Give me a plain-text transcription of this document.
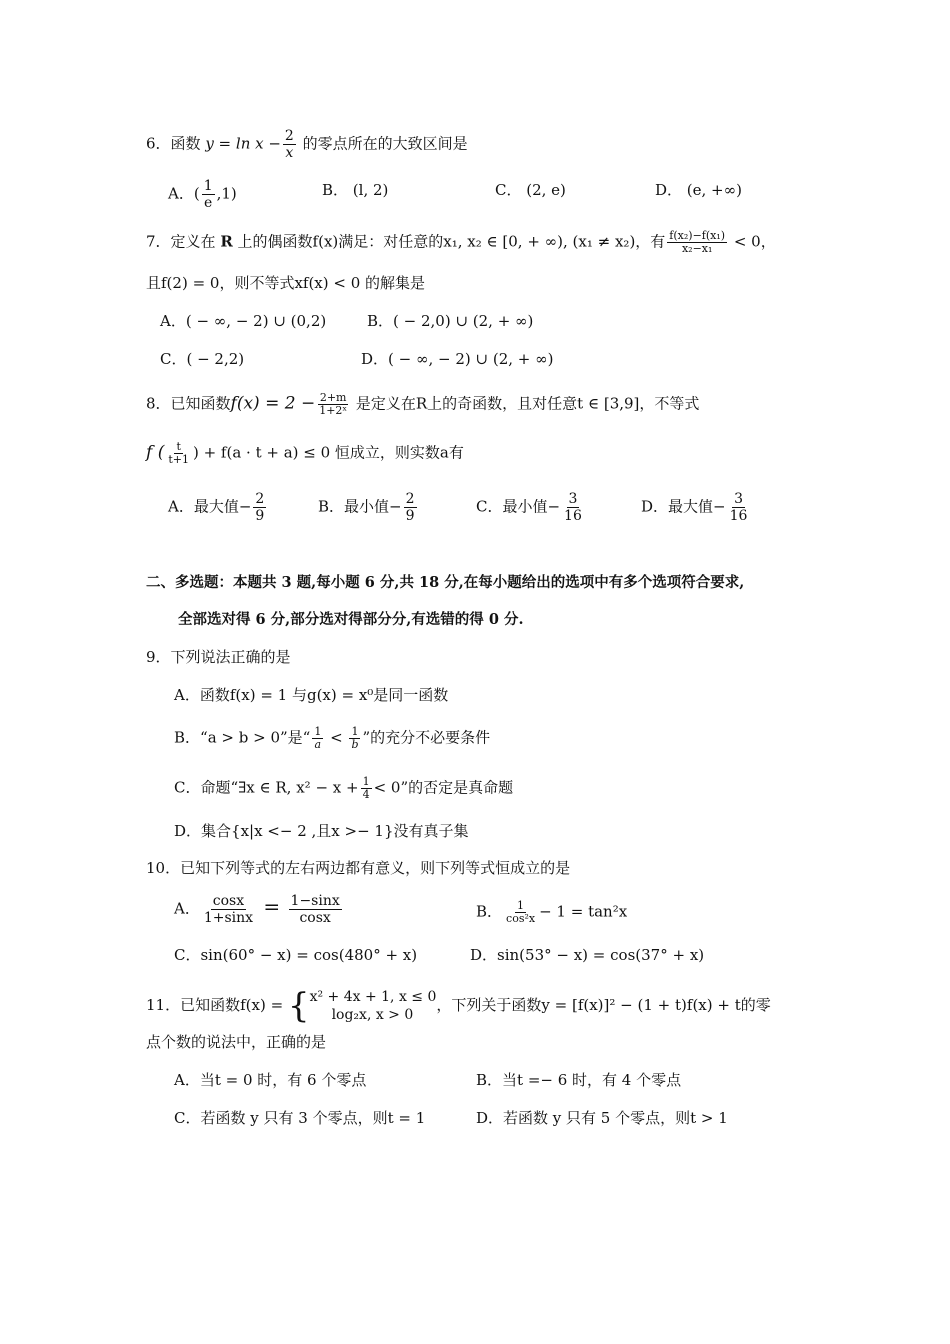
6．函数 $y = \ln x - \frac{2}{x}$ 的零点所在的大致区间是
A．( $\frac{1}{e} ,1$)	B． (l, 2)	C． (2, e)	D． (e, +∞)
7．定义在 R 上的偶函数f(x)满足：对任意的x₁, x₂ ∈ [0, + ∞), (x₁ ≠ x₂)，有 $\frac{\text{f(x₂)−f(x₁)}}{\text{x₂−x₁}} < 0$，
且f(2) = 0，则不等式xf(x) < 0 的解集是
A．( − ∞, − 2) ∪ (0,2)	B．( − 2,0) ∪ (2, + ∞)
C．( − 2,2)	D．( − ∞, − 2) ∪ (2, + ∞)
8．已知函数$f(x) = 2 - \frac{2+m}{\text{1+2ˣ}}$ 是定义在R上的奇函数，且对任意t ∈ [3,9]，不等式
f ( $\frac{t}{t+1}$ ) + f(a · t + a) ≤ 0 恒成立，则实数a有
A．最大值− $\frac{2}{9}$	B．最小值− $\frac{2}{9}$	C．最小值− $\frac{3}{16}$	D．最大值− $\frac{3}{16}$
二、多选题：本题共 3 题,每小题 6 分,共 18 分,在每小题给出的选项中有多个选项符合要求,
全部选对得 6 分,部分选对得部分分,有选错的得 0 分.
9．下列说法正确的是
A．函数f(x) = 1 与g(x) = x⁰是同一函数
B．“a > b > 0”是“ $\frac{1}{a} < \frac{1}{b}$ ”的充分不必要条件
C．命题“∃x ∈ R, $x^2 - x + \frac{1}{4} < 0$”的否定是真命题
D．集合{x|x <− 2 ,且x >− 1}没有真子集
10．已知下列等式的左右两边都有意义，则下列等式恒成立的是
A． $\frac{\cos x}{1+\sin x} = \frac{1-\sin x}{\cos x}$	B． $\frac{1}{\text{cos²x}} - 1 = \tan^2x$
C．sin(60° − x) = cos(480° + x)	D．sin(53° − x) = cos(37° + x)
11．已知函数f(x) = { x² + 4x + 1, x ≤ 0
log₂x, x > 0
，下列关于函数y = [f(x)]² − (1 + t)f(x) + t的零
点个数的说法中，正确的是
A．当t = 0 时，有 6 个零点	B．当t =− 6 时，有 4 个零点
C．若函数 y 只有 3 个零点，则t = 1	D．若函数 y 只有 5 个零点，则t > 1
